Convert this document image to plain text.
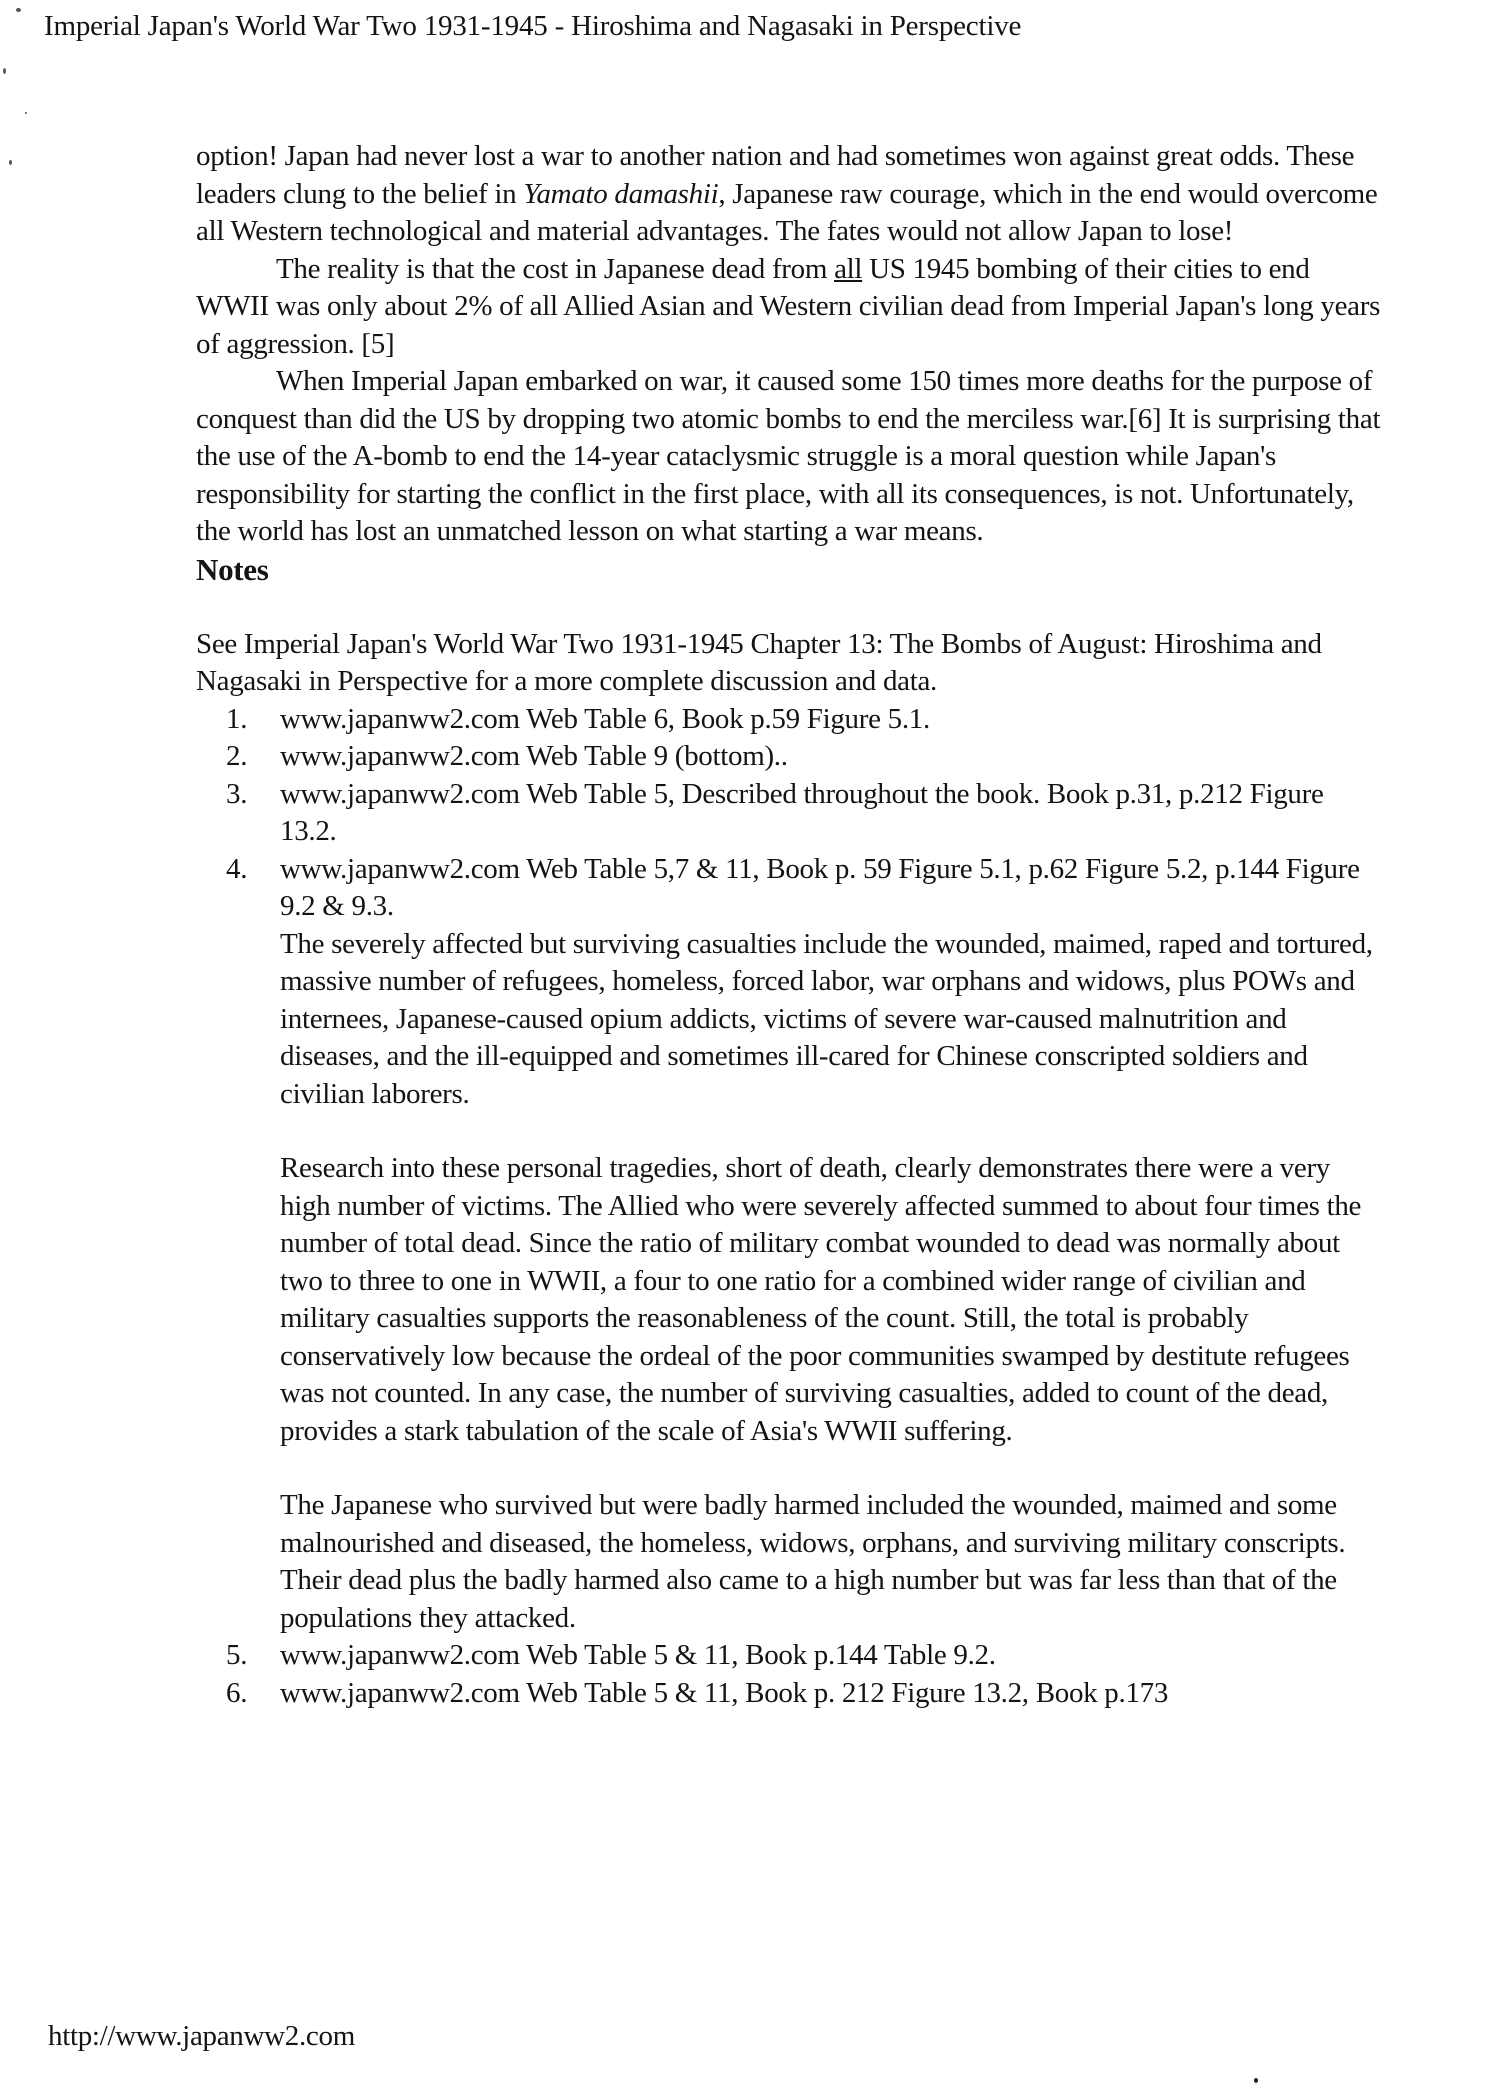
Imperial Japan's World War Two 1931-1945 - Hiroshima and Nagasaki in Perspective

option! Japan had never lost a war to another nation and had sometimes won against great odds. These leaders clung to the belief in Yamato damashii, Japanese raw courage, which in the end would overcome all Western technological and material advantages. The fates would not allow Japan to lose!

The reality is that the cost in Japanese dead from all US 1945 bombing of their cities to end WWII was only about 2% of all Allied Asian and Western civilian dead from Imperial Japan's long years of aggression. [5]

When Imperial Japan embarked on war, it caused some 150 times more deaths for the purpose of conquest than did the US by dropping two atomic bombs to end the merciless war.[6] It is surprising that the use of the A-bomb to end the 14-year cataclysmic struggle is a moral question while Japan's responsibility for starting the conflict in the first place, with all its consequences, is not. Unfortunately, the world has lost an unmatched lesson on what starting a war means.

Notes

See Imperial Japan's World War Two 1931-1945 Chapter 13: The Bombs of August: Hiroshima and Nagasaki in Perspective for a more complete discussion and data.

1. www.japanww2.com Web Table 6, Book p.59 Figure 5.1.
2. www.japanww2.com Web Table 9 (bottom)..
3. www.japanww2.com Web Table 5, Described throughout the book. Book p.31, p.212 Figure 13.2.
4. www.japanww2.com Web Table 5,7 & 11, Book p. 59 Figure 5.1, p.62 Figure 5.2, p.144 Figure 9.2 & 9.3.
The severely affected but surviving casualties include the wounded, maimed, raped and tortured, massive number of refugees, homeless, forced labor, war orphans and widows, plus POWs and internees, Japanese-caused opium addicts, victims of severe war-caused malnutrition and diseases, and the ill-equipped and sometimes ill-cared for Chinese conscripted soldiers and civilian laborers.
Research into these personal tragedies, short of death, clearly demonstrates there were a very high number of victims. The Allied who were severely affected summed to about four times the number of total dead. Since the ratio of military combat wounded to dead was normally about two to three to one in WWII, a four to one ratio for a combined wider range of civilian and military casualties supports the reasonableness of the count. Still, the total is probably conservatively low because the ordeal of the poor communities swamped by destitute refugees was not counted. In any case, the number of surviving casualties, added to count of the dead, provides a stark tabulation of the scale of Asia's WWII suffering.
The Japanese who survived but were badly harmed included the wounded, maimed and some malnourished and diseased, the homeless, widows, orphans, and surviving military conscripts. Their dead plus the badly harmed also came to a high number but was far less than that of the populations they attacked.
5. www.japanww2.com Web Table 5 & 11, Book p.144 Table 9.2.
6. www.japanww2.com Web Table 5 & 11, Book p. 212 Figure 13.2, Book p.173
http://www.japanww2.com
